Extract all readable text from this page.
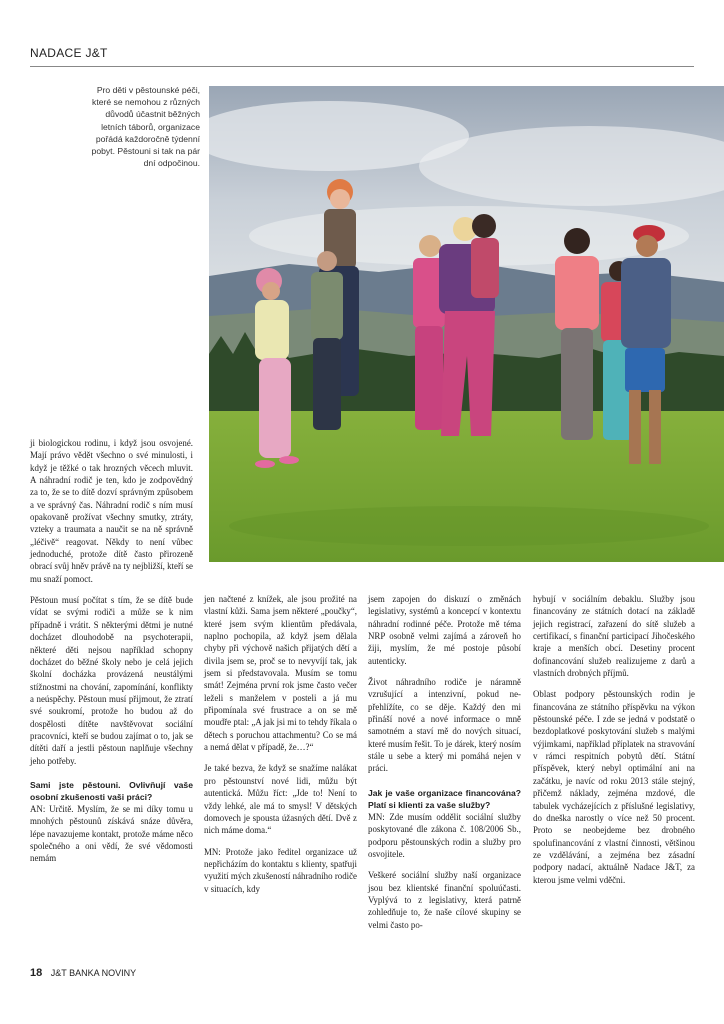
NADACE J&T
Pro děti v pěstounské péči, které se nemohou z různých důvodů účastnit běžných letních táborů, organizace pořádá každoročně týdenní pobyt. Pěstouni si tak na pár dní odpočinou.

ji biologickou rodinu, i když jsou osvojené. Mají právo vědět všechno o své minulosti, i když je těžké o tak hrozných věcech mluvit. A náhradní rodič je ten, kdo je zodpovědný za to, že se to dítě dozví správným způsobem a ve správný čas. Náhradní rodič s ním musí opakovaně prožívat všechny smutky, ztráty, vzteky a traumata a naučit se na ně správně „léčivě“ reagovat. Někdy to není vůbec jednoduché, protože dítě často přirozeně obrací svůj hněv právě na ty nejbližší, kteří se mu snaží pomoct.

Pěstoun musí počítat s tím, že se dítě bude vídat se svými rodiči a může se k nim případně i vrátit. S některými dětmi je nutné docházet dlouhodobě na psychoterapii, některé děti nejsou například schopny docházet do běžné školy nebo je celá jejich školní docházka provázená neustálými stížnostmi na chování, zapomínání, konflikty a neúspěchy. Pěstoun musí přijmout, že ztratí své soukromí, protože ho budou až do dospělosti dítěte navštěvovat sociální pracovníci, kteří se budou zajímat o to, jak se dítěti daří a jestli pěstoun naplňuje všechny jeho potřeby.

Sami jste pěstouni. Ovlivňují vaše osobní zkušenosti vaši práci?

AN: Určitě. Myslím, že se mi díky tomu u mnohých pěstounů získává snáze důvěra, lépe navazujeme kontakt, protože máme něco společného a oni vědí, že své vědomosti nemám

jen načtené z knížek, ale jsou prožité na vlastní kůži. Sama jsem některé „poučky“, které jsem svým klientům předávala, naplno pochopila, až když jsem dělala chyby při výchově našich přijatých dětí a divila jsem se, proč se to nevyvíjí tak, jak jsem si představovala. Musím se tomu smát! Zejména první rok jsme často večer leželi s manželem v posteli a já mu připomínala své frustrace a on se mě moudře ptal: „A jak jsi mi to tehdy říkala o dětech s poruchou attachmentu? Co se má a nemá dělat v případě, že…?“

Je také bezva, že když se snažíme nalákat pro pěstounství nové lidi, můžu být autentická. Můžu říct: „Jde to! Není to vždy lehké, ale má to smysl! V dětských domovech je spousta úžasných dětí. Dvě z nich máme doma.“

MN: Protože jako ředitel organizace už nepřicházím do kontaktu s klienty, spatřuji využití mých zkušeností náhradního rodiče v situacích, kdy

jsem zapojen do diskuzí o změnách legislativy, systémů a koncepcí v kontextu náhradní rodinné péče. Protože mě téma NRP osobně velmi zajímá a zároveň ho žiji, myslím, že mé postoje působí autenticky.

Život náhradního rodiče je náramně vzrušující a intenzivní, pokud ne-přehlížíte, co se děje. Každý den mi přináší nové a nové informace o mně samotném a staví mě do nových situací, které musím řešit. To je dárek, který nosím stále u sebe a který mi pomáhá nejen v práci.

Jak je vaše organizace financována? Platí si klienti za vaše služby?

MN: Zde musím oddělit sociální služby poskytované dle zákona č. 108/2006 Sb., podporu pěstounských rodin a služby pro osvojitele.

Veškeré sociální služby naší organizace jsou bez klientské finanční spoluúčasti. Vyplývá to z legislativy, která patrně zohledňuje to, že naše cílové skupiny se velmi často po-

hybují v sociálním debaklu. Služby jsou financovány ze státních dotací na základě jejich registrací, zařazení do sítě služeb a certifikací, s finanční participací Jihočeského kraje a menších obcí. Desetiny procent dofinancování služeb realizujeme z darů a vlastních drobných příjmů.

Oblast podpory pěstounských rodin je financována ze státního příspěvku na výkon pěstounské péče. I zde se jedná v podstatě o bezdoplatkové poskytování služeb s malými výjimkami, například příplatek na stravování v rámci respitních pobytů dětí. Státní příspěvek, který nebyl optimální ani na začátku, je navíc od roku 2013 stále stejný, přičemž náklady, zejména mzdové, dle tabulek vycházejících z příslušné legislativy, do dneška narostly o více než 50 procent. Proto se neobejdeme bez drobného spolufinancování z vlastní činnosti, většinou ze vzdělávání, a zejména bez zásadní podpory nadací, aktuálně Nadace J&T, za kterou jsme velmi vděčni.

18 J&T BANKA NOVINY
